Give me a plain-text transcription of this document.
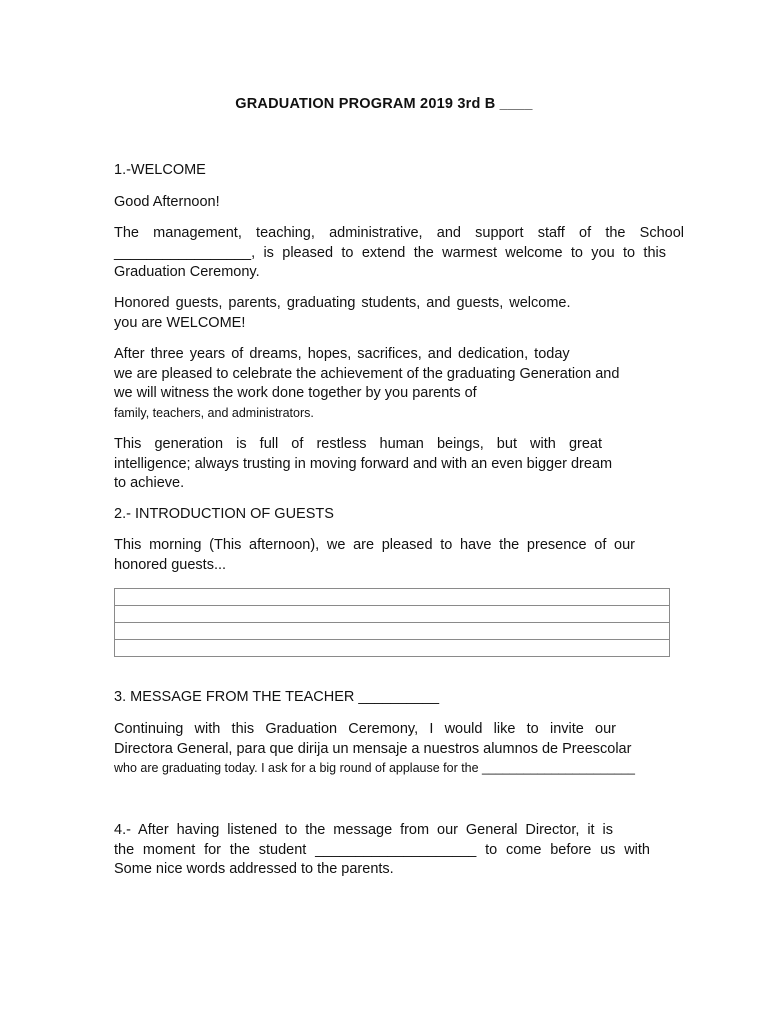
GRADUATION PROGRAM 2019 3rd B ____
1.-WELCOME
Good Afternoon!
The management, teaching, administrative, and support staff of the School
_________________, is pleased to extend the warmest welcome to you to this
Graduation Ceremony.
Honored guests, parents, graduating students, and guests, welcome.
you are WELCOME!
After three years of dreams, hopes, sacrifices, and dedication, today
we are pleased to celebrate the achievement of the graduating Generation and
we will witness the work done together by you parents of
family, teachers, and administrators.
This generation is full of restless human beings, but with great
intelligence; always trusting in moving forward and with an even bigger dream
to achieve.
2.- INTRODUCTION OF GUESTS
This morning (This afternoon), we are pleased to have the presence of our
honored guests...

3. MESSAGE FROM THE TEACHER __________
Continuing with this Graduation Ceremony, I would like to invite our
Directora General, para que dirija un mensaje a nuestros alumnos de Preescolar
who are graduating today. I ask for a big round of applause for the ______________________
4.- After having listened to the message from our General Director, it is
the moment for the student ____________________ to come before us with
Some nice words addressed to the parents.
